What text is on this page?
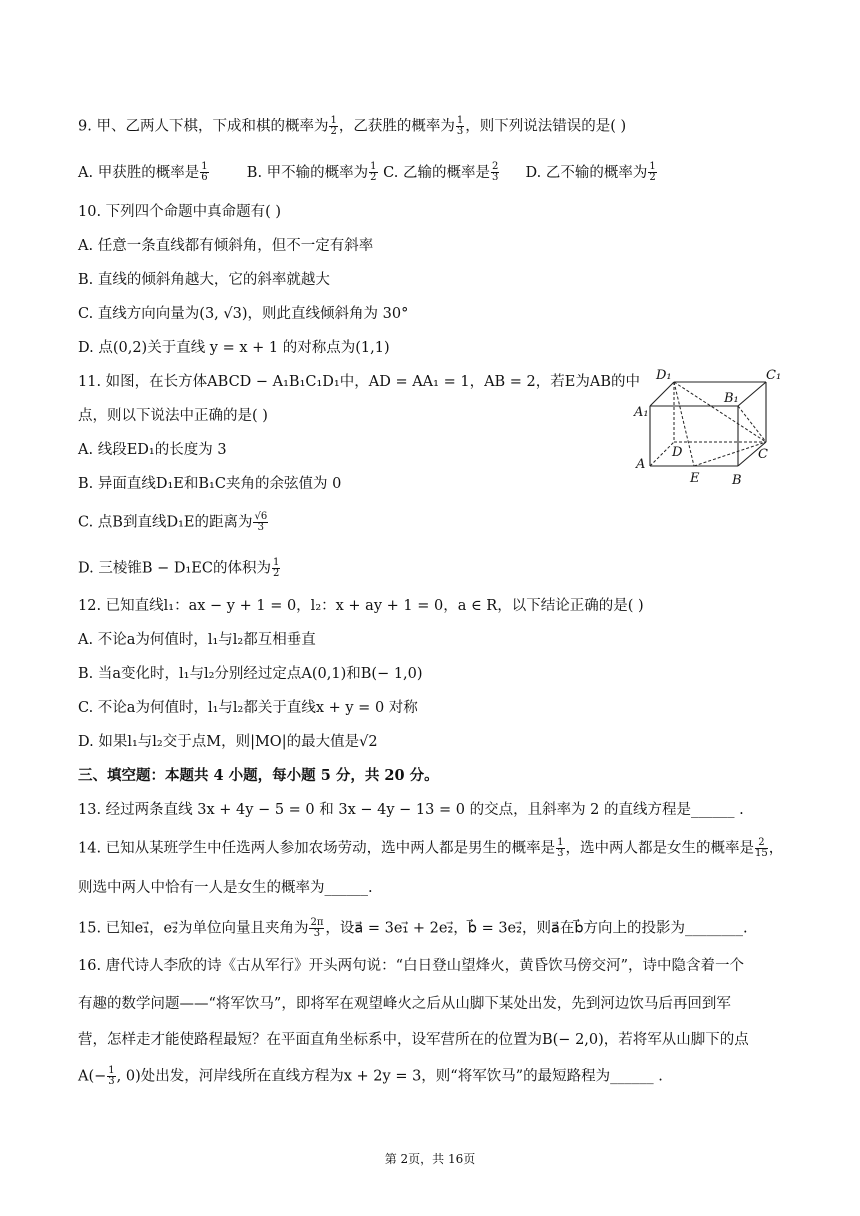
9. 甲、乙两人下棋，下成和棋的概率为 $\frac{1}{2}$ ，乙获胜的概率为 $\frac{1}{3}$ ，则下列说法错误的是( )
A. 甲获胜的概率是 $\frac{1}{6}$	B. 甲不输的概率为 $\frac{1}{2} C$. 乙输的概率是 $\frac{2}{3} D$. 乙不输的概率为 $\frac{1}{2}$
10. 下列四个命题中真命题有( )
A. 任意一条直线都有倾斜角，但不一定有斜率
B. 直线的倾斜角越大，它的斜率就越大
C. 直线方向向量为(3, √3)，则此直线倾斜角为 30°
D. 点(0,2)关于直线 y = x + 1 的对称点为(1,1)
11. 如图，在长方体ABCD − A₁B₁C₁D₁中，AD = AA₁ = 1，AB = 2，若E为AB的中
点，则以下说法中正确的是( )
A. 线段ED₁的长度为 3
B. 异面直线D₁E和B₁C夹角的余弦值为 0
C. 点B到直线D₁E的距离为 $\frac{√6}{3}$
D. 三棱锥B − D₁EC的体积为 $\frac{1}{2}$
D₁	C₁
B₁
A₁
D
A
C
E	B
12. 已知直线l₁：ax − y + 1 = 0，l₂：x + ay + 1 = 0，a ∈ R，以下结论正确的是( )
A. 不论a为何值时，l₁与l₂都互相垂直
B. 当a变化时，l₁与l₂分别经过定点A(0,1)和B(− 1,0)
C. 不论a为何值时，l₁与l₂都关于直线x + y = 0 对称
D. 如果l₁与l₂交于点M，则|MO|的最大值是√2
三、填空题：本题共 4 小题，每小题 5 分，共 20 分。
13. 经过两条直线 3x + 4y − 5 = 0 和 3x − 4y − 13 = 0 的交点，且斜率为 2 的直线方程是______ .
14. 已知从某班学生中任选两人参加农场劳动，选中两人都是男生的概率是 $\frac{1}{3}$ ，选中两人都是女生的概率是 $\frac{2}{15}$ ，
则选中两人中恰有一人是女生的概率为______.
15. 已知e₁⃗，e₂⃗为单位向量且夹角为 $\frac{2\pi}{3}$ ，设a⃗ = 3e₁⃗ + 2e₂⃗，b⃗ = 3e₂⃗，则a⃗在b⃗方向上的投影为________.
16. 唐代诗人李欣的诗《古从军行》开头两句说：“白日登山望烽火，黄昏饮马傍交河”，诗中隐含着一个
有趣的数学问题——“将军饮马”，即将军在观望峰火之后从山脚下某处出发，先到河边饮马后再回到军
营，怎样走才能使路程最短？在平面直角坐标系中，设军营所在的位置为B(− 2,0)，若将军从山脚下的点
$A(- \frac{1}{3}$ , 0)处出发，河岸线所在直线方程为x + 2y = 3，则“将军饮马”的最短路程为______ .
第 2页，共 16页
